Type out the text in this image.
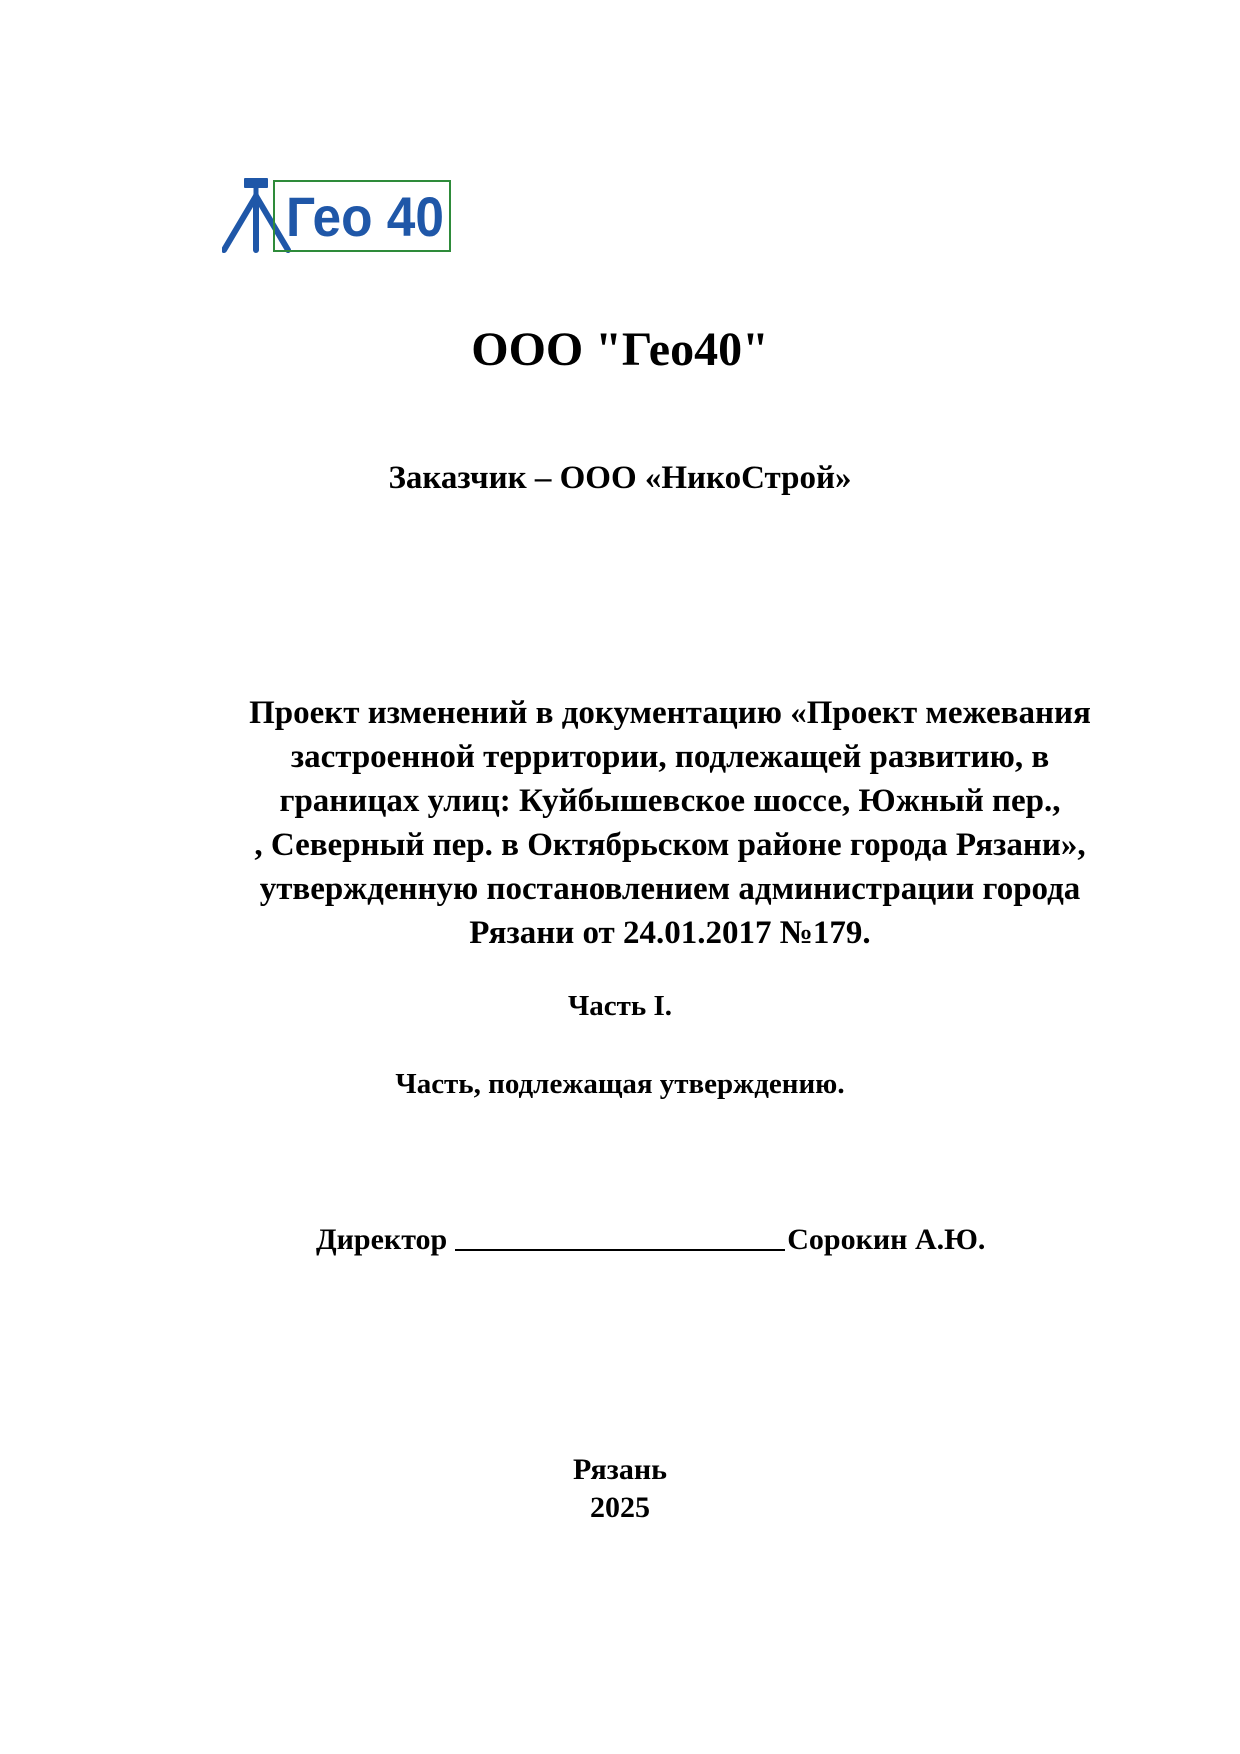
Гео 40
ООО "Гео40"
Заказчик – ООО «НикоСтрой»
Проект изменений в документацию «Проект межевания
застроенной территории, подлежащей развитию, в
границах улиц: Куйбышевское шоссе, Южный пер.,
, Северный пер. в Октябрьском районе города Рязани»,
утвержденную постановлением администрации города
Рязани от 24.01.2017 №179.
Часть I.
Часть, подлежащая утверждению.
Директор	Сорокин А.Ю.
Рязань
2025
